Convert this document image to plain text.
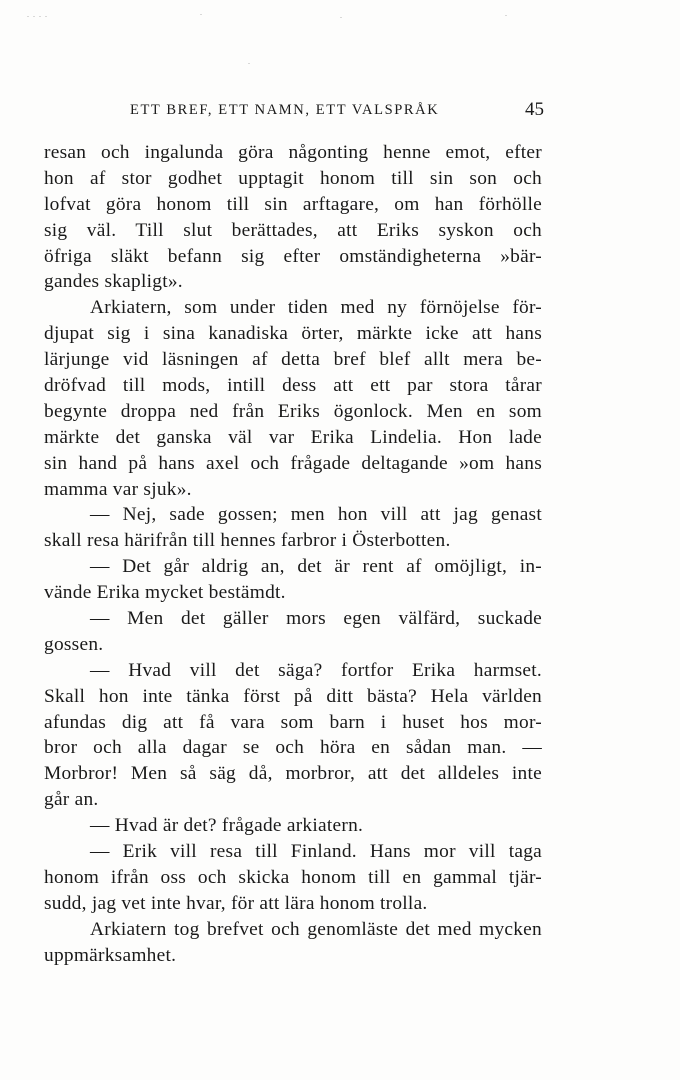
ETT BREF, ETT NAMN, ETT VALSPRÅK	45
resan och ingalunda göra någonting henne emot, efter
hon af stor godhet upptagit honom till sin son och
lofvat göra honom till sin arftagare, om han förhölle
sig väl. Till slut berättades, att Eriks syskon och
öfriga släkt befann sig efter omständigheterna »bär-
gandes skapligt».
Arkiatern, som under tiden med ny förnöjelse för-
djupat sig i sina kanadiska örter, märkte icke att hans
lärjunge vid läsningen af detta bref blef allt mera be-
dröfvad till mods, intill dess att ett par stora tårar
begynte droppa ned från Eriks ögonlock. Men en som
märkte det ganska väl var Erika Lindelia. Hon lade
sin hand på hans axel och frågade deltagande »om hans
mamma var sjuk».
— Nej, sade gossen; men hon vill att jag genast
skall resa härifrån till hennes farbror i Österbotten.
— Det går aldrig an, det är rent af omöjligt, in-
vände Erika mycket bestämdt.
— Men det gäller mors egen välfärd, suckade
gossen.
— Hvad vill det säga? fortfor Erika harmset.
Skall hon inte tänka först på ditt bästa? Hela världen
afundas dig att få vara som barn i huset hos mor-
bror och alla dagar se och höra en sådan man. —
Morbror! Men så säg då, morbror, att det alldeles inte
går an.
— Hvad är det? frågade arkiatern.
— Erik vill resa till Finland. Hans mor vill taga
honom ifrån oss och skicka honom till en gammal tjär-
sudd, jag vet inte hvar, för att lära honom trolla.
Arkiatern tog brefvet och genomläste det med mycken
uppmärksamhet.
